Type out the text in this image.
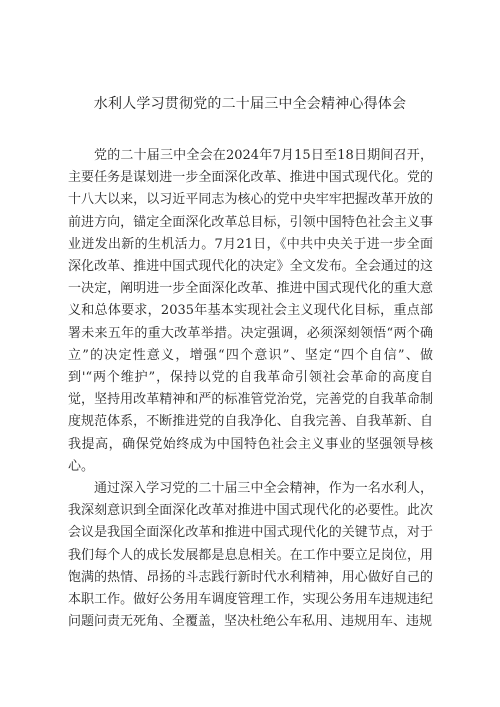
水利人学习贯彻党的二十届三中全会精神心得体会

党的二十届三中全会在2024年7月15日至18日期间召开，主要任务是谋划进一步全面深化改革、推进中国式现代化。党的十八大以来，以习近平同志为核心的党中央牢牢把握改革开放的前进方向，锚定全面深化改革总目标，引领中国特色社会主义事业迸发出新的生机活力。7月21日，《中共中央关于进一步全面深化改革、推进中国式现代化的决定》全文发布。全会通过的这一决定，阐明进一步全面深化改革、推进中国式现代化的重大意义和总体要求，2035年基本实现社会主义现代化目标，重点部署未来五年的重大改革举措。决定强调，必须深刻领悟“两个确立”的决定性意义，增强“四个意识”、坚定“四个自信”、做到'“两个维护”，保持以党的自我革命引领社会革命的高度自觉，坚持用改革精神和严的标准管党治党，完善党的自我革命制度规范体系，不断推进党的自我净化、自我完善、自我革新、自我提高，确保党始终成为中国特色社会主义事业的坚强领导核心。

通过深入学习党的二十届三中全会精神，作为一名水利人，我深刻意识到全面深化改革对推进中国式现代化的必要性。此次会议是我国全面深化改革和推进中国式现代化的关键节点，对于我们每个人的成长发展都是息息相关。在工作中要立足岗位，用饱满的热情、昂扬的斗志践行新时代水利精神，用心做好自己的本职工作。做好公务用车调度管理工作，实现公务用车违规违纪问题问责无死角、全覆盖，坚决杜绝公车私用、违规用车、违规
